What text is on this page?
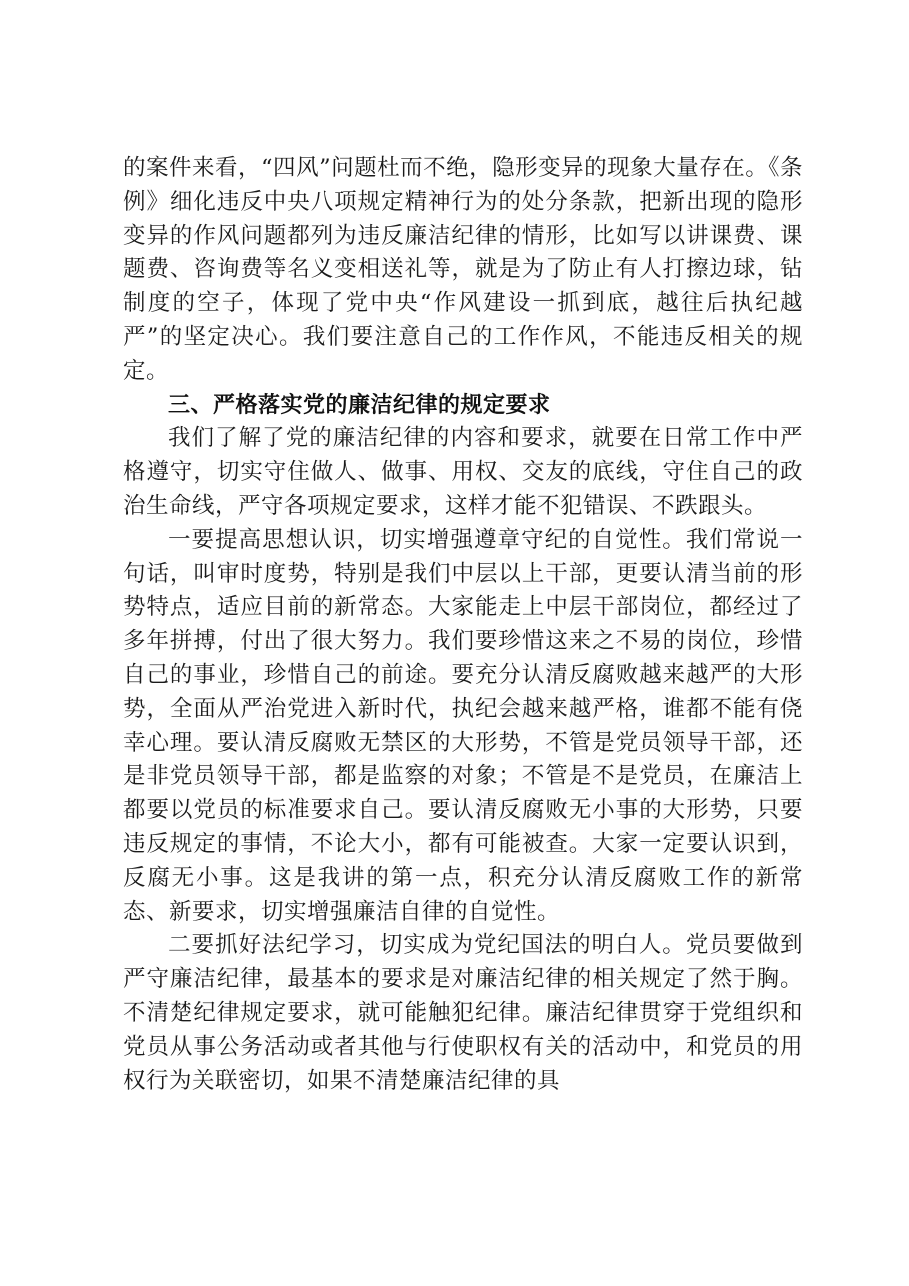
的案件来看，“四风”问题杜而不绝，隐形变异的现象大量存在。《条例》细化违反中央八项规定精神行为的处分条款，把新出现的隐形变异的作风问题都列为违反廉洁纪律的情形，比如写以讲课费、课题费、咨询费等名义变相送礼等，就是为了防止有人打擦边球，钻制度的空子，体现了党中央“作风建设一抓到底，越往后执纪越严”的坚定决心。我们要注意自己的工作作风，不能违反相关的规定。

三、严格落实党的廉洁纪律的规定要求

我们了解了党的廉洁纪律的内容和要求，就要在日常工作中严格遵守，切实守住做人、做事、用权、交友的底线，守住自己的政治生命线，严守各项规定要求，这样才能不犯错误、不跌跟头。

一要提高思想认识，切实增强遵章守纪的自觉性。我们常说一句话，叫审时度势，特别是我们中层以上干部，更要认清当前的形势特点，适应目前的新常态。大家能走上中层干部岗位，都经过了多年拼搏，付出了很大努力。我们要珍惜这来之不易的岗位，珍惜自己的事业，珍惜自己的前途。要充分认清反腐败越来越严的大形势，全面从严治党进入新时代，执纪会越来越严格，谁都不能有侥幸心理。要认清反腐败无禁区的大形势，不管是党员领导干部，还是非党员领导干部，都是监察的对象；不管是不是党员，在廉洁上都要以党员的标准要求自己。要认清反腐败无小事的大形势，只要违反规定的事情，不论大小，都有可能被查。大家一定要认识到，反腐无小事。这是我讲的第一点，积充分认清反腐败工作的新常态、新要求，切实增强廉洁自律的自觉性。

二要抓好法纪学习，切实成为党纪国法的明白人。党员要做到严守廉洁纪律，最基本的要求是对廉洁纪律的相关规定了然于胸。不清楚纪律规定要求，就可能触犯纪律。廉洁纪律贯穿于党组织和党员从事公务活动或者其他与行使职权有关的活动中，和党员的用权行为关联密切，如果不清楚廉洁纪律的具
